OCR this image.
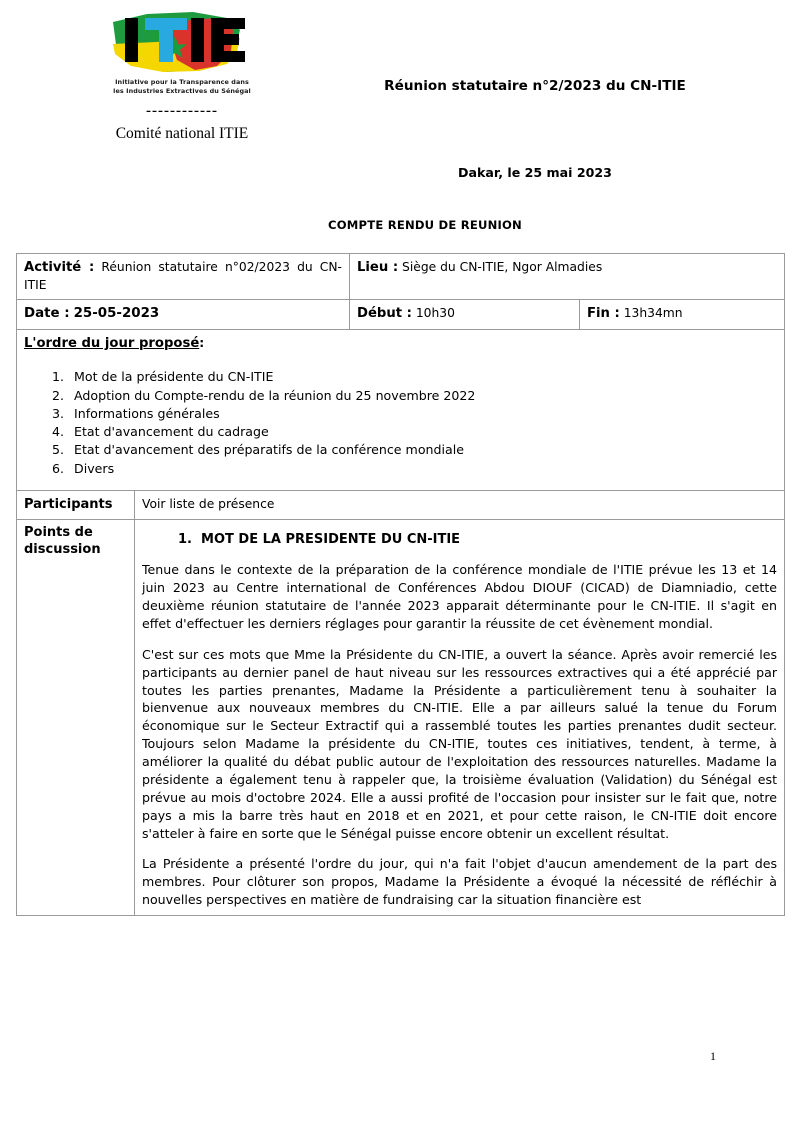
Initiative pour la Transparence dans
les Industries Extractives du Sénégal
------------
Comité national ITIE
Réunion statutaire n°2/2023 du CN-ITIE
Dakar, le 25 mai 2023
COMPTE RENDU DE REUNION
Activité : Réunion statutaire n°02/2023 du CN-ITIE		Lieu : Siège du CN-ITIE, Ngor Almadies	
Date : 25-05-2023		Début : 10h30	Fin : 13h34mn
L'ordre du jour proposé:
1. Mot de la présidente du CN-ITIE
2. Adoption du Compte-rendu de la réunion du 25 novembre 2022
3. Informations générales
4. Etat d'avancement du cadrage
5. Etat d'avancement des préparatifs de la conférence mondiale
6. Divers

Participants	Voir liste de présence		

Points de
discussion

1. MOT DE LA PRESIDENTE DU CN-ITIE

Tenue dans le contexte de la préparation de la conférence mondiale de l'ITIE prévue les 13 et 14 juin 2023 au Centre international de Conférences Abdou DIOUF (CICAD) de Diamniadio, cette deuxième réunion statutaire de l'année 2023 apparait déterminante pour le CN-ITIE. Il s'agit en effet d'effectuer les derniers réglages pour garantir la réussite de cet évènement mondial.

C'est sur ces mots que Mme la Présidente du CN-ITIE, a ouvert la séance. Après avoir remercié les participants au dernier panel de haut niveau sur les ressources extractives qui a été apprécié par toutes les parties prenantes, Madame la Présidente a particulièrement tenu à souhaiter la bienvenue aux nouveaux membres du CN-ITIE. Elle a par ailleurs salué la tenue du Forum économique sur le Secteur Extractif qui a rassemblé toutes les parties prenantes dudit secteur. Toujours selon Madame la présidente du CN-ITIE, toutes ces initiatives, tendent, à terme, à améliorer la qualité du débat public autour de l'exploitation des ressources naturelles. Madame la présidente a également tenu à rappeler que, la troisième évaluation (Validation) du Sénégal est prévue au mois d'octobre 2024. Elle a aussi profité de l'occasion pour insister sur le fait que, notre pays a mis la barre très haut en 2018 et en 2021, et pour cette raison, le CN-ITIE doit encore s'atteler à faire en sorte que le Sénégal puisse encore obtenir un excellent résultat.

La Présidente a présenté l'ordre du jour, qui n'a fait l'objet d'aucun amendement de la part des membres. Pour clôturer son propos, Madame la Présidente a évoqué la nécessité de réfléchir à nouvelles perspectives en matière de fundraising car la situation financière est

1
